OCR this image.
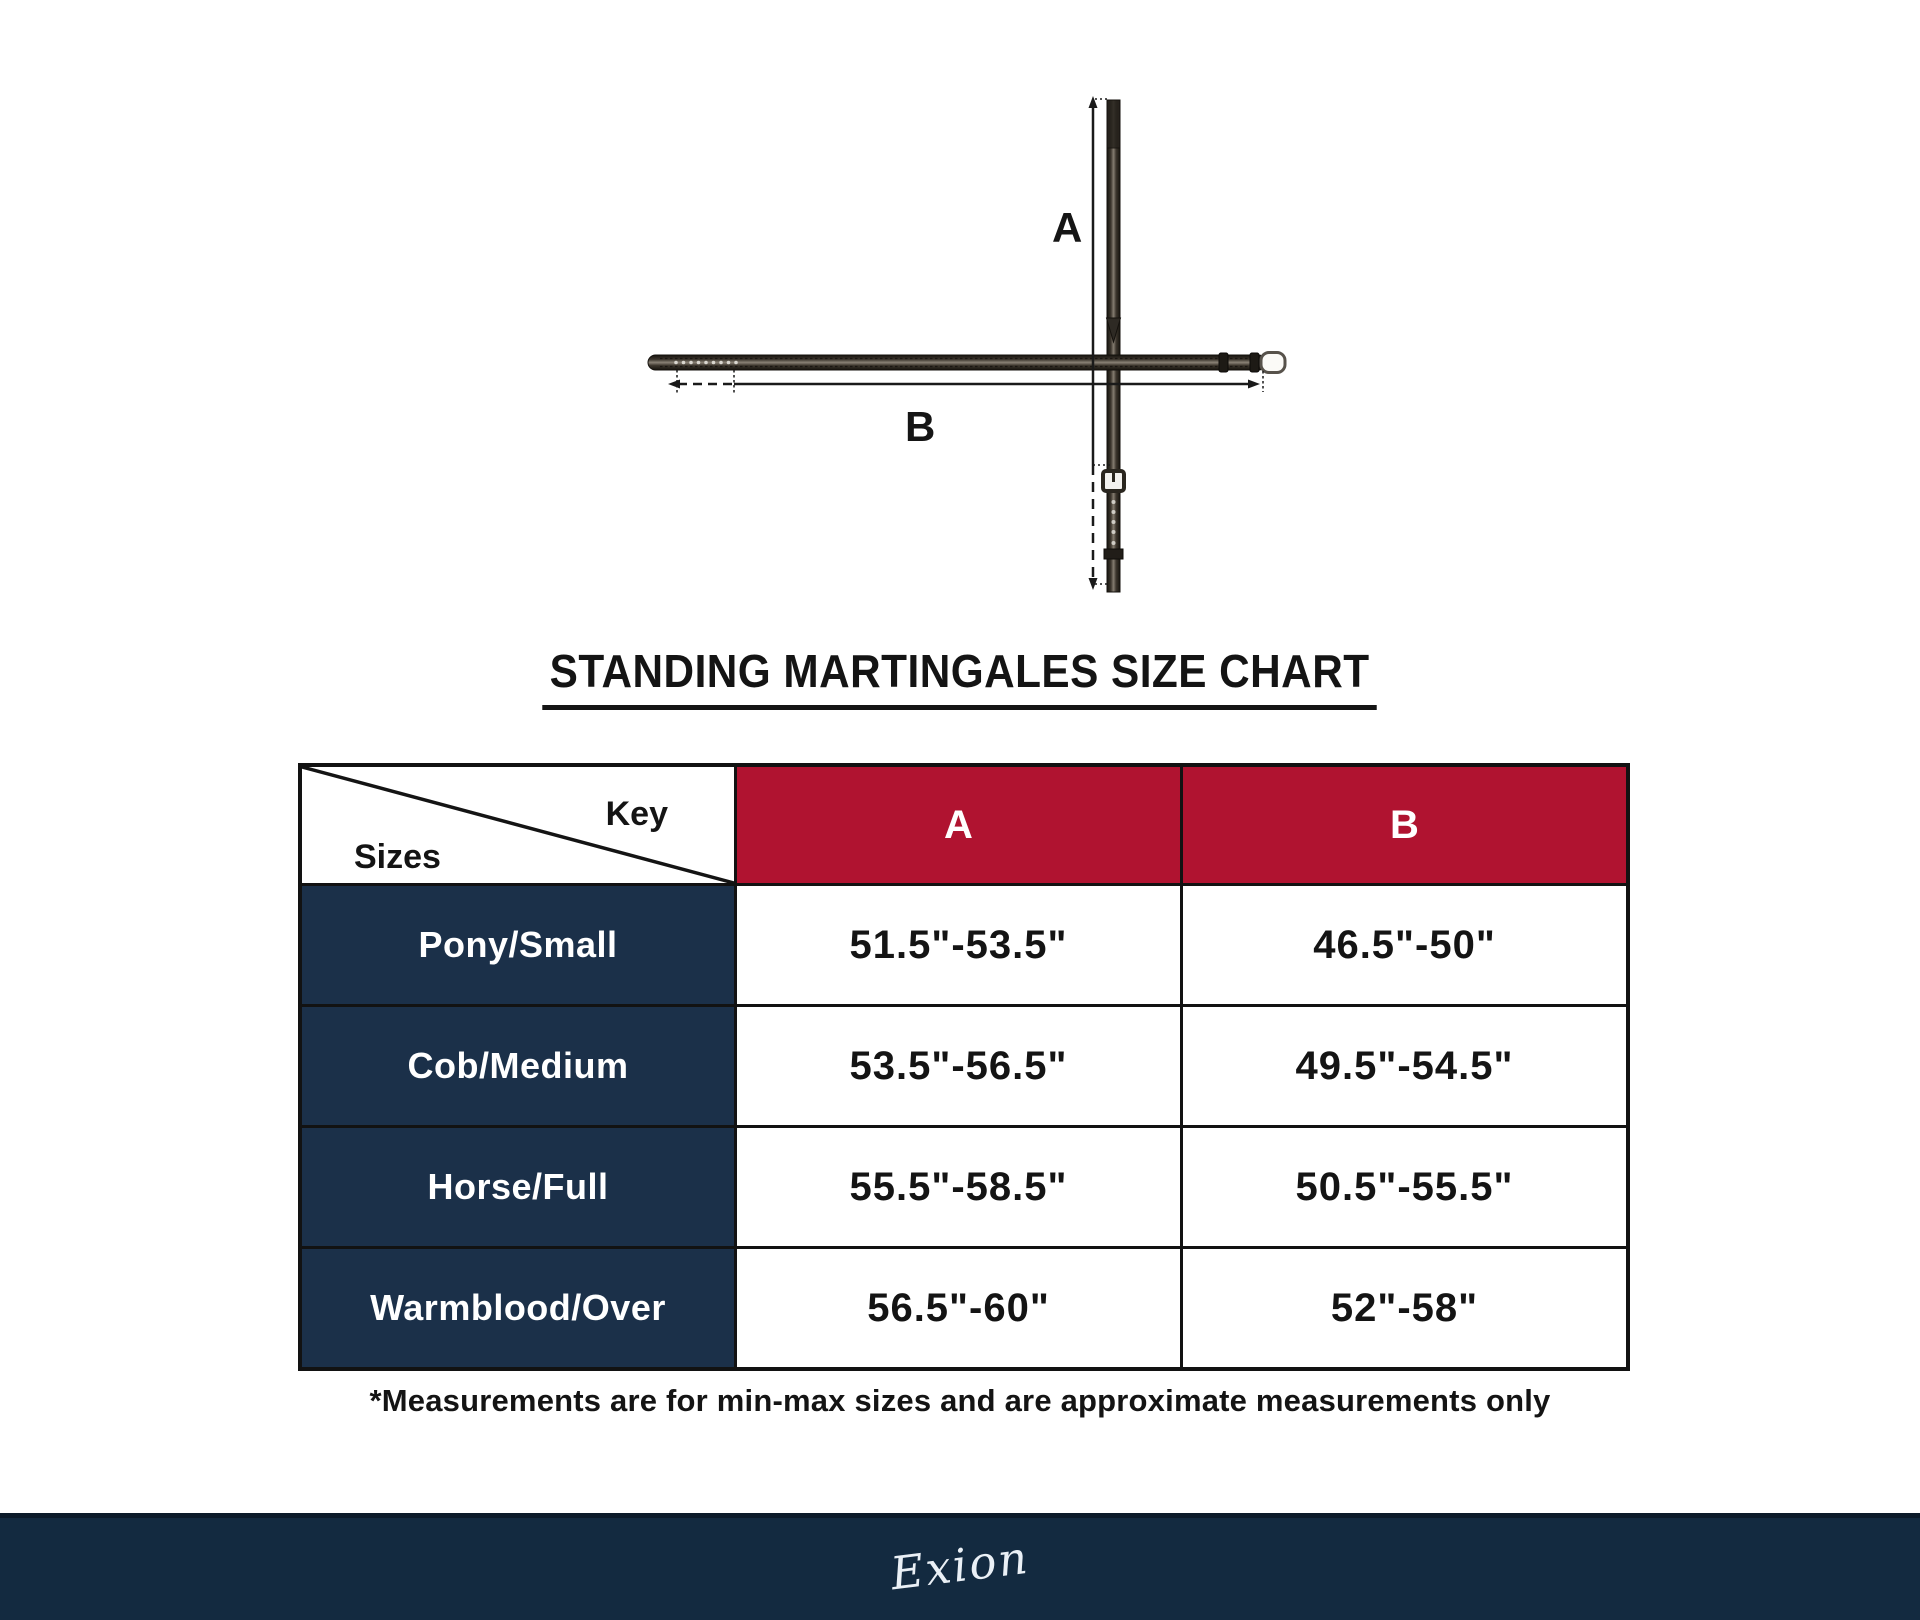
A
B
STANDING MARTINGALES SIZE CHART
Key
Sizes
A	B
Pony/Small	51.5"-53.5"	46.5"-50"
Cob/Medium	53.5"-56.5"	49.5"-54.5"
Horse/Full	55.5"-58.5"	50.5"-55.5"
Warmblood/Over	56.5"-60"	52"-58"
*Measurements are for min-max sizes and are approximate measurements only
Exion
